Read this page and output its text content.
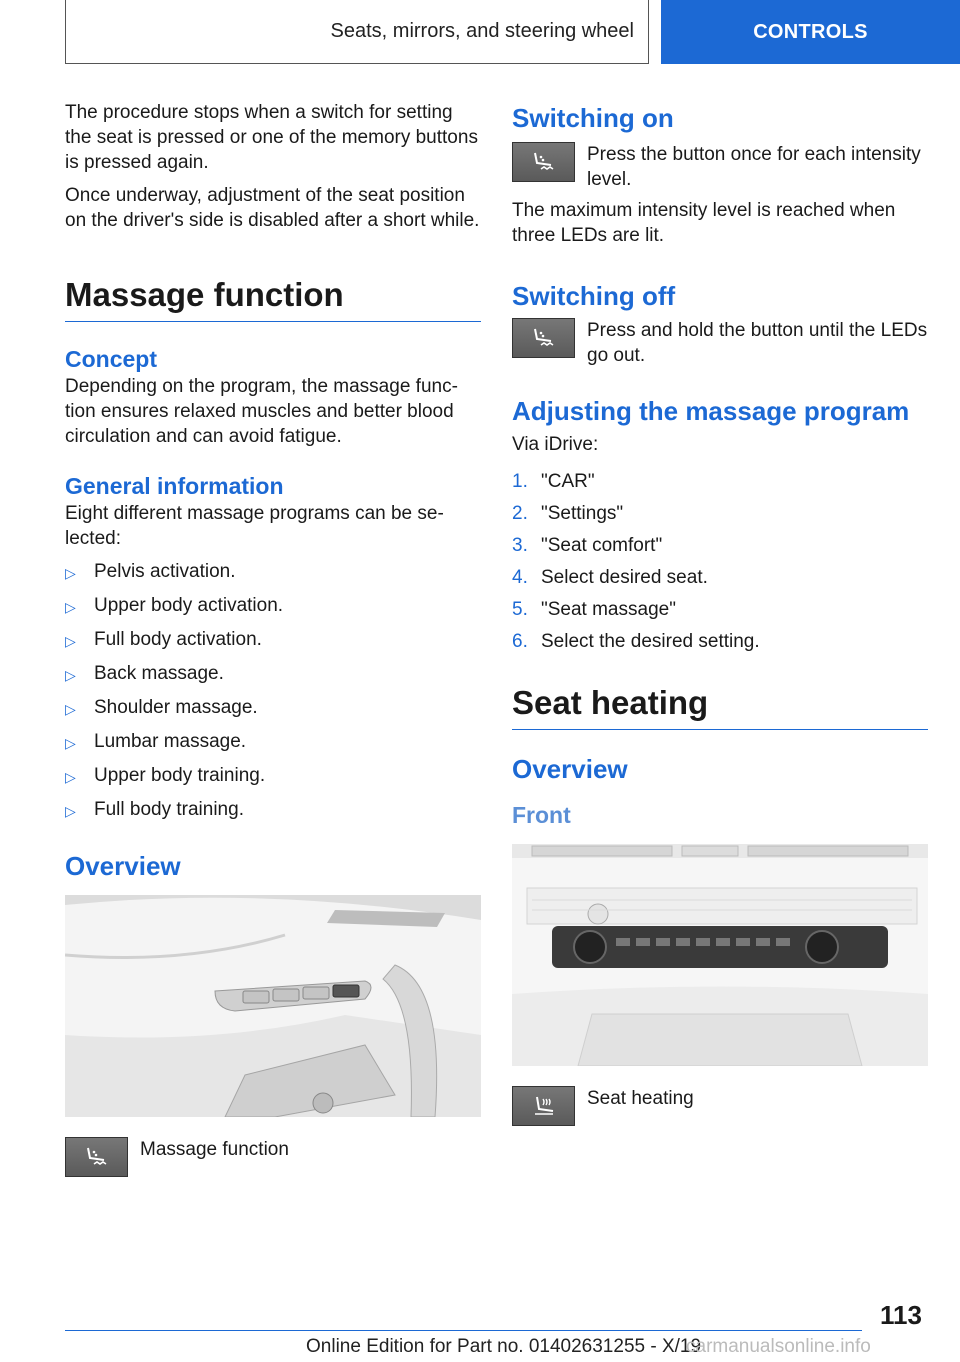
Seats, mirrors, and steering wheel	CONTROLS

The procedure stops when a switch for setting the seat is pressed or one of the memory buttons is pressed again.

Once underway, adjustment of the seat position on the driver's side is disabled after a short while.

Massage function
Concept

Depending on the program, the massage function ensures relaxed muscles and better blood circulation and can avoid fatigue.

General information

Eight different massage programs can be selected:

▷ Pelvis activation.
▷ Upper body activation.
▷ Full body activation.
▷ Back massage.
▷ Shoulder massage.
▷ Lumbar massage.
▷ Upper body training.
▷ Full body training.
Overview
Massage function
Switching on
Press the button once for each intensity level.

The maximum intensity level is reached when three LEDs are lit.

Switching off
Press and hold the button until the LEDs go out.
Adjusting the massage program

Via iDrive:

1. "CAR"
2. "Settings"
3. "Seat comfort"
4. Select desired seat.
5. "Seat massage"
6. Select the desired setting.
Seat heating
Overview
Front
Seat heating
113
Online Edition for Part no. 01402631255 - X/19
carmanualsonline.info
